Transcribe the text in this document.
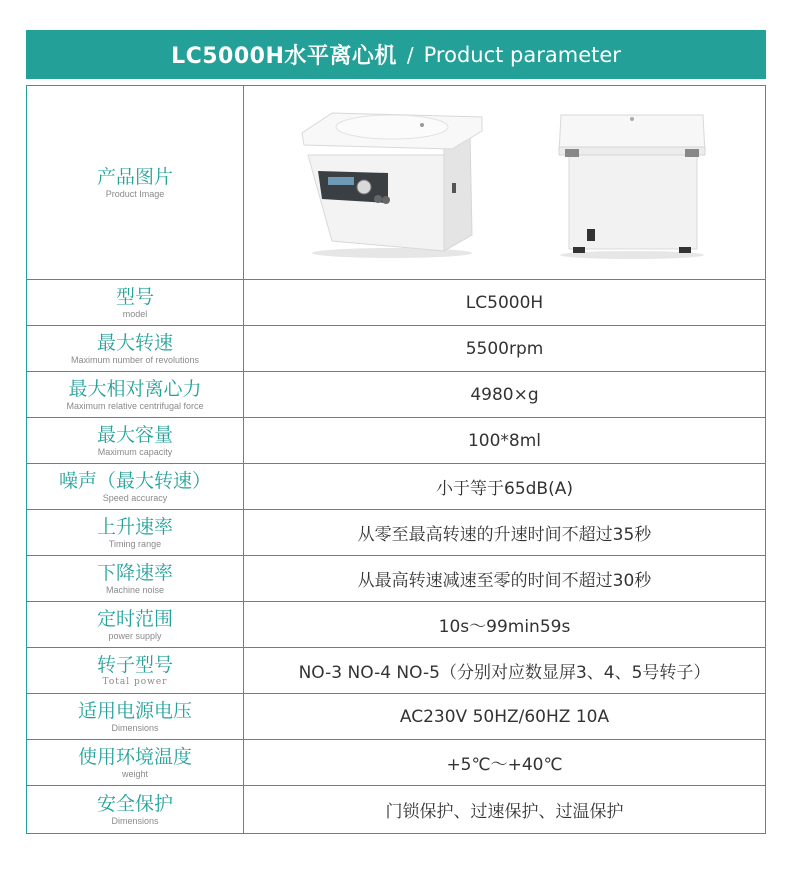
LC5000H水平离心机 / Product parameter
产品图片
Product Image

型号
model	LC5000H

最大转速
Maximum number of revolutions	5500rpm

最大相对离心力
Maximum relative centrifugal force	4980×g

最大容量
Maximum capacity	100*8ml

噪声（最大转速）
Speed accuracy	小于等于65dB(A)

上升速率
Timing range	从零至最高转速的升速时间不超过35秒

下降速率
Machine noise	从最高转速减速至零的时间不超过30秒

定时范围
power supply	10s～99min59s

转子型号
Total power	NO-3 NO-4 NO-5（分别对应数显屏3、4、5号转子）

适用电源电压
Dimensions	AC230V 50HZ/60HZ 10A

使用环境温度
weight	+5℃～+40℃

安全保护
Dimensions	门锁保护、过速保护、过温保护
